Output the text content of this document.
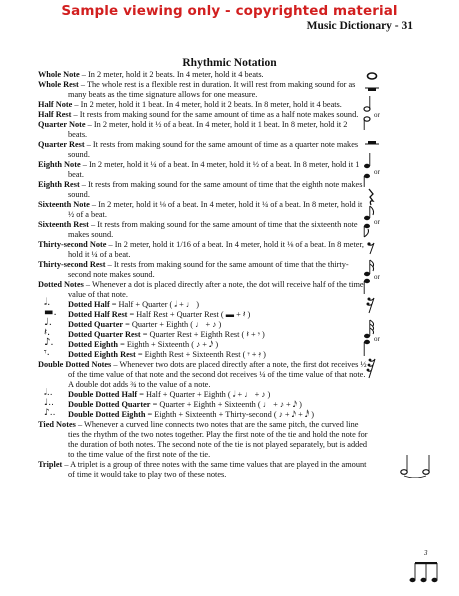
Sample viewing only - copyrighted material
Music Dictionary - 31
Rhythmic Notation

Whole Note – In 2 meter, hold it 2 beats. In 4 meter, hold it 4 beats.

Whole Rest – The whole rest is a flexible rest in duration. It will rest from making sound for as many beats as the time signature allows for one measure.

Half Note – In 2 meter, hold it 1 beat. In 4 meter, hold it 2 beats. In 8 meter, hold it 4 beats.

Half Rest – It rests from making sound for the same amount of time as a half note makes sound.

Quarter Note – In 2 meter, hold it ½ of a beat. In 4 meter, hold it 1 beat. In 8 meter, hold it 2 beats.

Quarter Rest – It rests from making sound for the same amount of time as a quarter note makes sound.

Eighth Note – In 2 meter, hold it ¼ of a beat. In 4 meter, hold it ½ of a beat. In 8 meter, hold it 1 beat.

Eighth Rest – It rests from making sound for the same amount of time that the eighth note makes sound.

Sixteenth Note – In 2 meter, hold it ⅛ of a beat. In 4 meter, hold it ¼ of a beat. In 8 meter, hold it ½ of a beat.

Sixteenth Rest – It rests from making sound for the same amount of time that the sixteenth note makes sound.

Thirty-second Note – In 2 meter, hold it 1/16 of a beat. In 4 meter, hold it ⅛ of a beat. In 8 meter, hold it ¼ of a beat.

Thirty-second Rest – It rests from making sound for the same amount of time that the thirty-second note makes sound.

Dotted Notes – Whenever a dot is placed directly after a note, the dot will receive half of the time value of that note.

𝅗𝅥. Dotted Half = Half + Quarter ( 𝅗𝅥 + ♩ )
▬. Dotted Half Rest = Half Rest + Quarter Rest ( ▬ + 𝄽 )
♩. Dotted Quarter = Quarter + Eighth ( ♩ + ♪ )
𝄽. Dotted Quarter Rest = Quarter Rest + Eighth Rest ( 𝄽 + 𝄾 )
♪. Dotted Eighth = Eighth + Sixteenth ( ♪ + 𝅘𝅥𝅯 )
𝄾. Dotted Eighth Rest = Eighth Rest + Sixteenth Rest ( 𝄾 + 𝄿 )

Double Dotted Notes – Whenever two dots are placed directly after a note, the first dot receives ½ of the time value of that note and the second dot receives ¼ of the time value of that note. A double dot adds ¾ to the value of a note.

𝅗𝅥.. Double Dotted Half = Half + Quarter + Eighth ( 𝅗𝅥 + ♩ + ♪ )
♩.. Double Dotted Quarter = Quarter + Eighth + Sixteenth ( ♩ + ♪ + 𝅘𝅥𝅯 )
♪.. Double Dotted Eighth = Eighth + Sixteenth + Thirty-second ( ♪ + 𝅘𝅥𝅯 + 𝅘𝅥𝅰 )

Tied Notes – Whenever a curved line connects two notes that are the same pitch, the curved line ties the rhythm of the two notes together. Play the first note of the tie and hold the note for the duration of both notes. The second note of the tie is not played separately, but is added to the time value of the first note of the tie.

Triplet – A triplet is a group of three notes with the same time values that are played in the amount of time it would take to play two of these notes.

or
or
or
or
or
3
